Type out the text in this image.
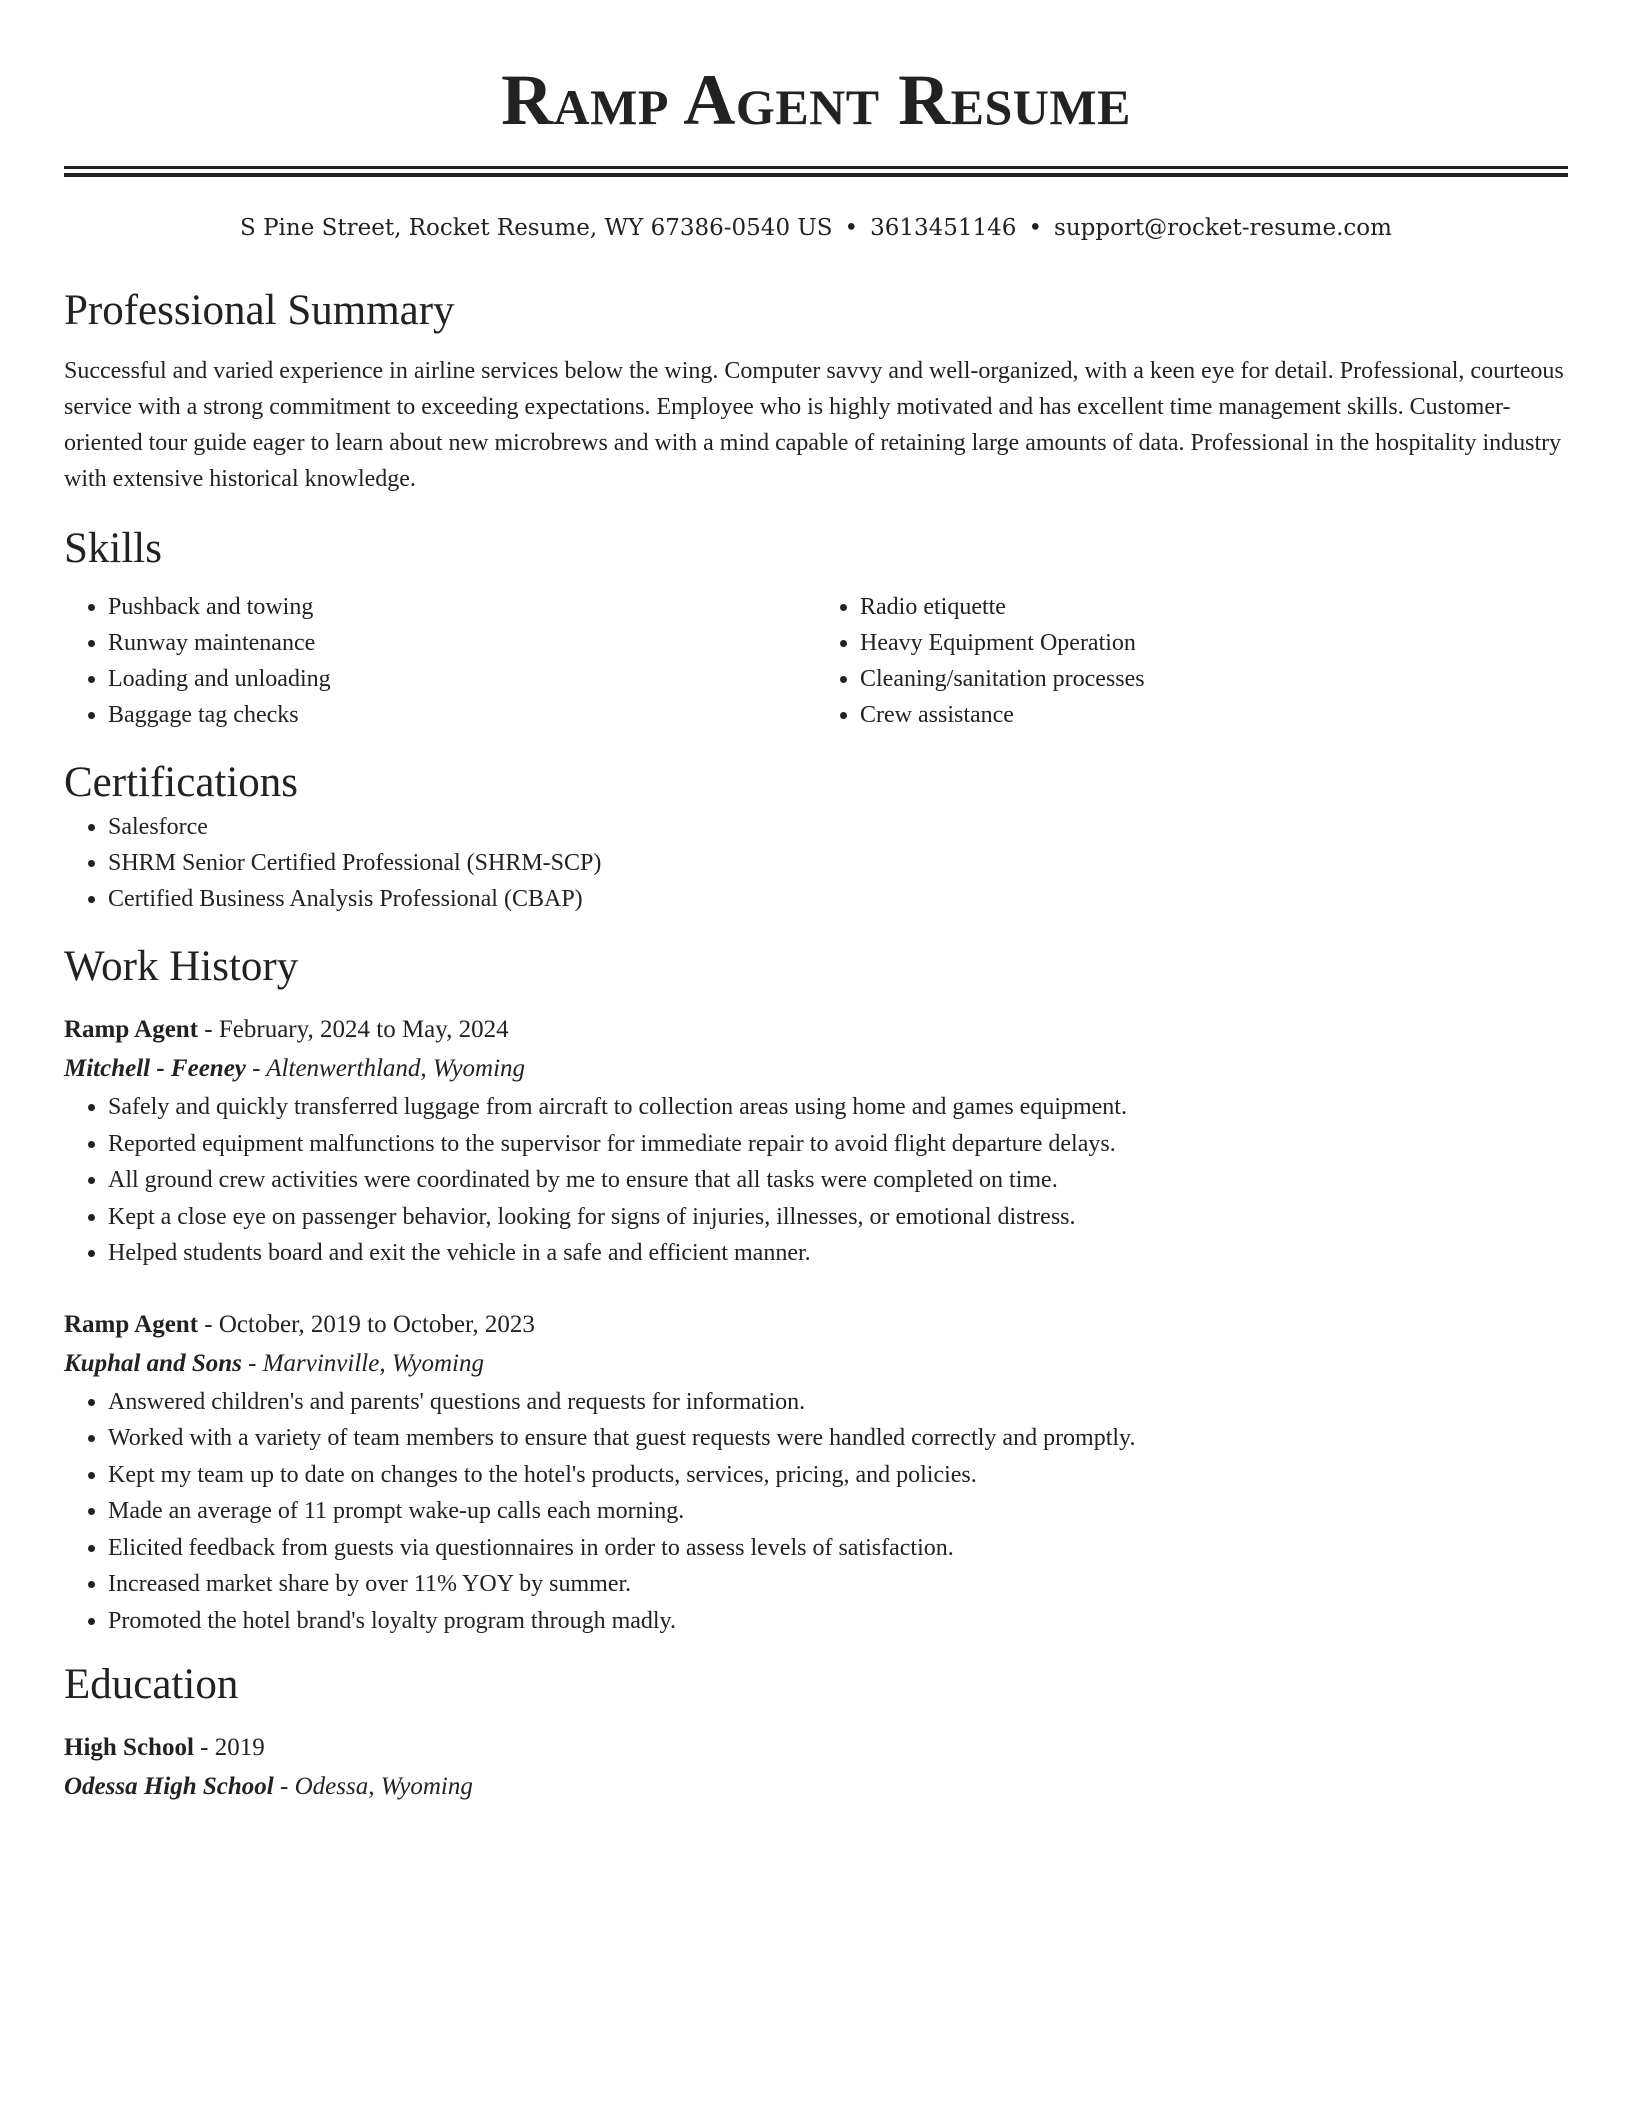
Ramp Agent Resume
S Pine Street, Rocket Resume, WY 67386-0540 US • 3613451146 • support@rocket-resume.com
Professional Summary

Successful and varied experience in airline services below the wing. Computer savvy and well-organized, with a keen eye for detail. Professional, courteous service with a strong commitment to exceeding expectations. Employee who is highly motivated and has excellent time management skills. Customer-oriented tour guide eager to learn about new microbrews and with a mind capable of retaining large amounts of data. Professional in the hospitality industry with extensive historical knowledge.

Skills
• Pushback and towing
• Runway maintenance
• Loading and unloading
• Baggage tag checks
• Radio etiquette
• Heavy Equipment Operation
• Cleaning/sanitation processes
• Crew assistance
Certifications
• Salesforce
• SHRM Senior Certified Professional (SHRM-SCP)
• Certified Business Analysis Professional (CBAP)
Work History
Ramp Agent - February, 2024 to May, 2024
Mitchell - Feeney - Altenwerthland, Wyoming
• Safely and quickly transferred luggage from aircraft to collection areas using home and games equipment.
• Reported equipment malfunctions to the supervisor for immediate repair to avoid flight departure delays.
• All ground crew activities were coordinated by me to ensure that all tasks were completed on time.
• Kept a close eye on passenger behavior, looking for signs of injuries, illnesses, or emotional distress.
• Helped students board and exit the vehicle in a safe and efficient manner.
Ramp Agent - October, 2019 to October, 2023
Kuphal and Sons - Marvinville, Wyoming
• Answered children's and parents' questions and requests for information.
• Worked with a variety of team members to ensure that guest requests were handled correctly and promptly.
• Kept my team up to date on changes to the hotel's products, services, pricing, and policies.
• Made an average of 11 prompt wake-up calls each morning.
• Elicited feedback from guests via questionnaires in order to assess levels of satisfaction.
• Increased market share by over 11% YOY by summer.
• Promoted the hotel brand's loyalty program through madly.
Education
High School - 2019
Odessa High School - Odessa, Wyoming
